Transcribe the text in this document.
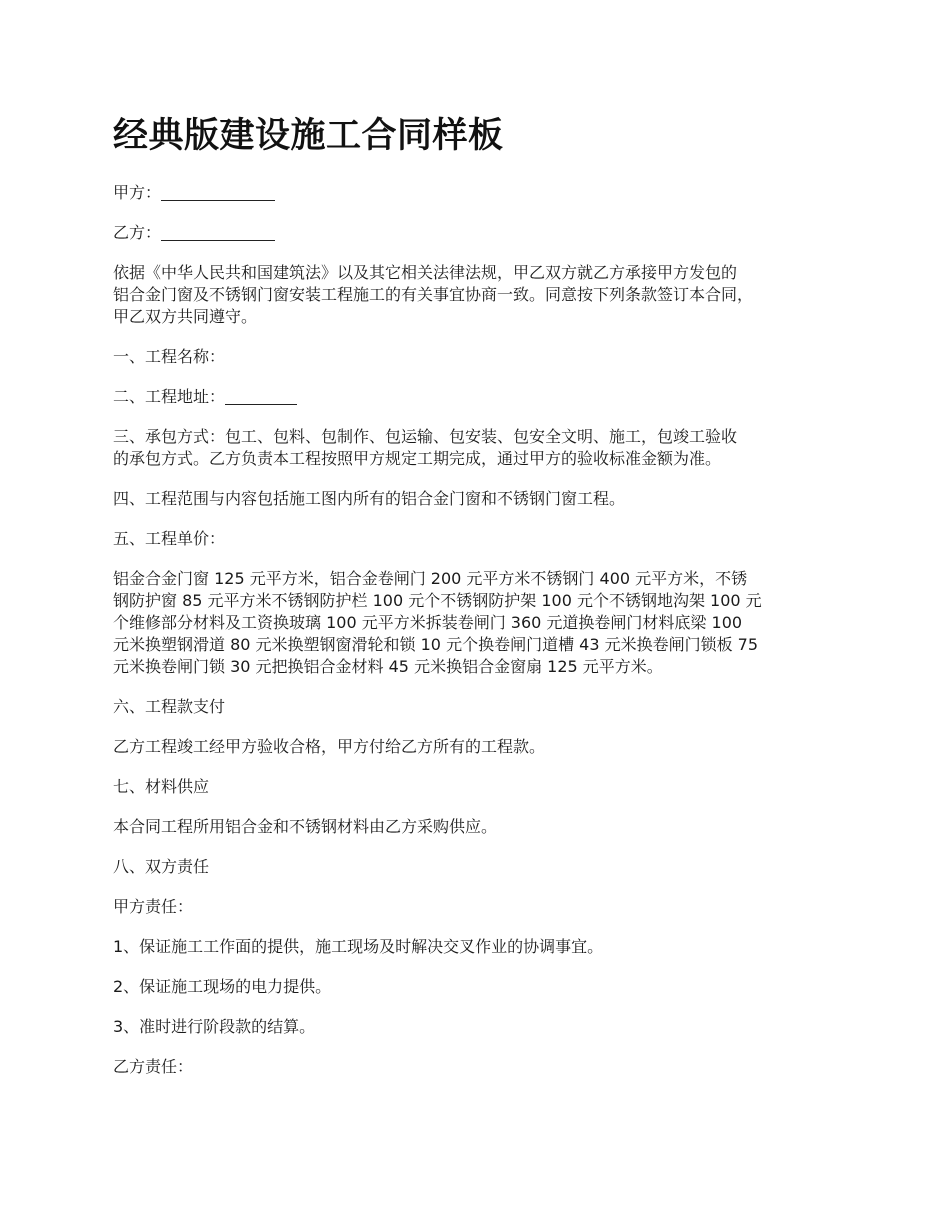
经典版建设施工合同样板
甲方：
乙方：
依据《中华人民共和国建筑法》以及其它相关法律法规，甲乙双方就乙方承接甲方发包的
铝合金门窗及不锈钢门窗安装工程施工的有关事宜协商一致。同意按下列条款签订本合同，
甲乙双方共同遵守。
一、工程名称：
二、工程地址：
三、承包方式：包工、包料、包制作、包运输、包安装、包安全文明、施工，包竣工验收
的承包方式。乙方负责本工程按照甲方规定工期完成，通过甲方的验收标准金额为准。
四、工程范围与内容包括施工图内所有的铝合金门窗和不锈钢门窗工程。
五、工程单价：
铝金合金门窗 125 元平方米，铝合金卷闸门 200 元平方米不锈钢门 400 元平方米，不锈
钢防护窗 85 元平方米不锈钢防护栏 100 元个不锈钢防护架 100 元个不锈钢地沟架 100 元
个维修部分材料及工资换玻璃 100 元平方米拆装卷闸门 360 元道换卷闸门材料底梁 100
元米换塑钢滑道 80 元米换塑钢窗滑轮和锁 10 元个换卷闸门道槽 43 元米换卷闸门锁板 75
元米换卷闸门锁 30 元把换铝合金材料 45 元米换铝合金窗扇 125 元平方米。
六、工程款支付
乙方工程竣工经甲方验收合格，甲方付给乙方所有的工程款。
七、材料供应
本合同工程所用铝合金和不锈钢材料由乙方采购供应。
八、双方责任
甲方责任：
1、保证施工工作面的提供，施工现场及时解决交叉作业的协调事宜。
2、保证施工现场的电力提供。
3、准时进行阶段款的结算。
乙方责任：
